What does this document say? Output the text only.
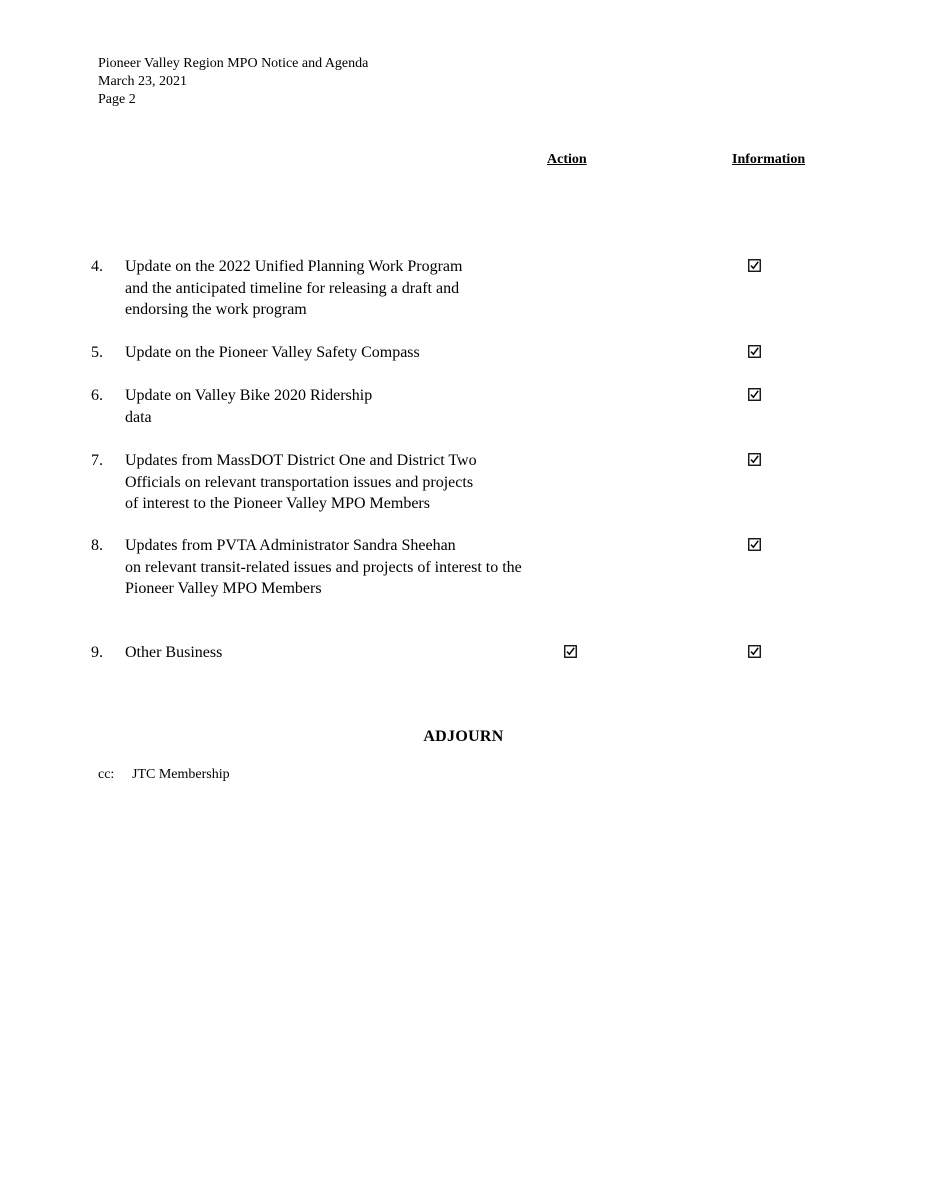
Pioneer Valley Region MPO Notice and Agenda
March 23, 2021
Page 2
Action	Information
4. Update on the 2022 Unified Planning Work Program
and the anticipated timeline for releasing a draft and
endorsing the work program
5. Update on the Pioneer Valley Safety Compass
6. Update on Valley Bike 2020 Ridership
data
7. Updates from MassDOT District One and District Two
Officials on relevant transportation issues and projects
of interest to the Pioneer Valley MPO Members
8. Updates from PVTA Administrator Sandra Sheehan
on relevant transit-related issues and projects of interest to the
Pioneer Valley MPO Members
9. Other Business
ADJOURN
cc: JTC Membership
